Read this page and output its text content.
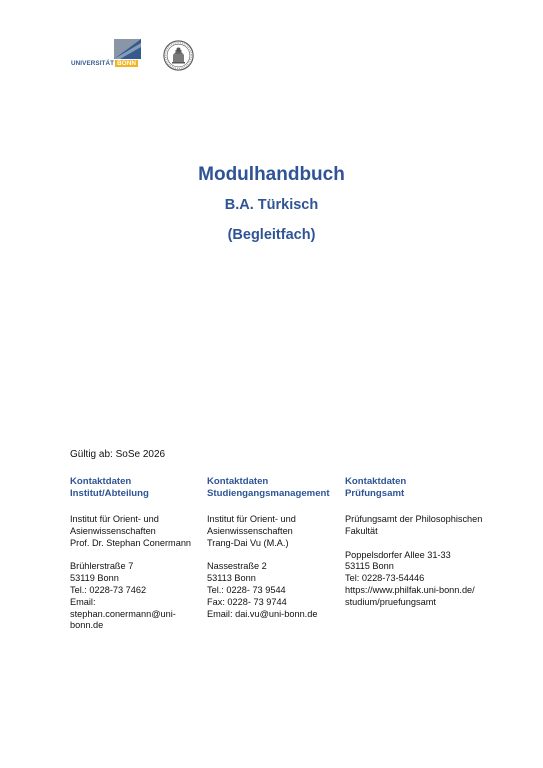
UNIVERSITÄT BONN
Modulhandbuch
B.A. Türkisch
(Begleitfach)
Gültig ab: SoSe 2026

Kontaktdaten
Institut/Abteilung

Institut für Orient- und
Asienwissenschaften
Prof. Dr. Stephan Conermann

Brühlerstraße 7
53119 Bonn
Tel.: 0228-73 7462
Email:
stephan.conermann@uni-
bonn.de

Kontaktdaten
Studiengangsmanagement

Institut für Orient- und
Asienwissenschaften
Trang-Dai Vu (M.A.)

Nassestraße 2
53113 Bonn
Tel.: 0228- 73 9544
Fax: 0228- 73 9744
Email: dai.vu@uni-bonn.de

Kontaktdaten
Prüfungsamt

Prüfungsamt der Philosophischen
Fakultät

Poppelsdorfer Allee 31-33
53115 Bonn
Tel: 0228-73-54446
https://www.philfak.uni-bonn.de/
studium/pruefungsamt
